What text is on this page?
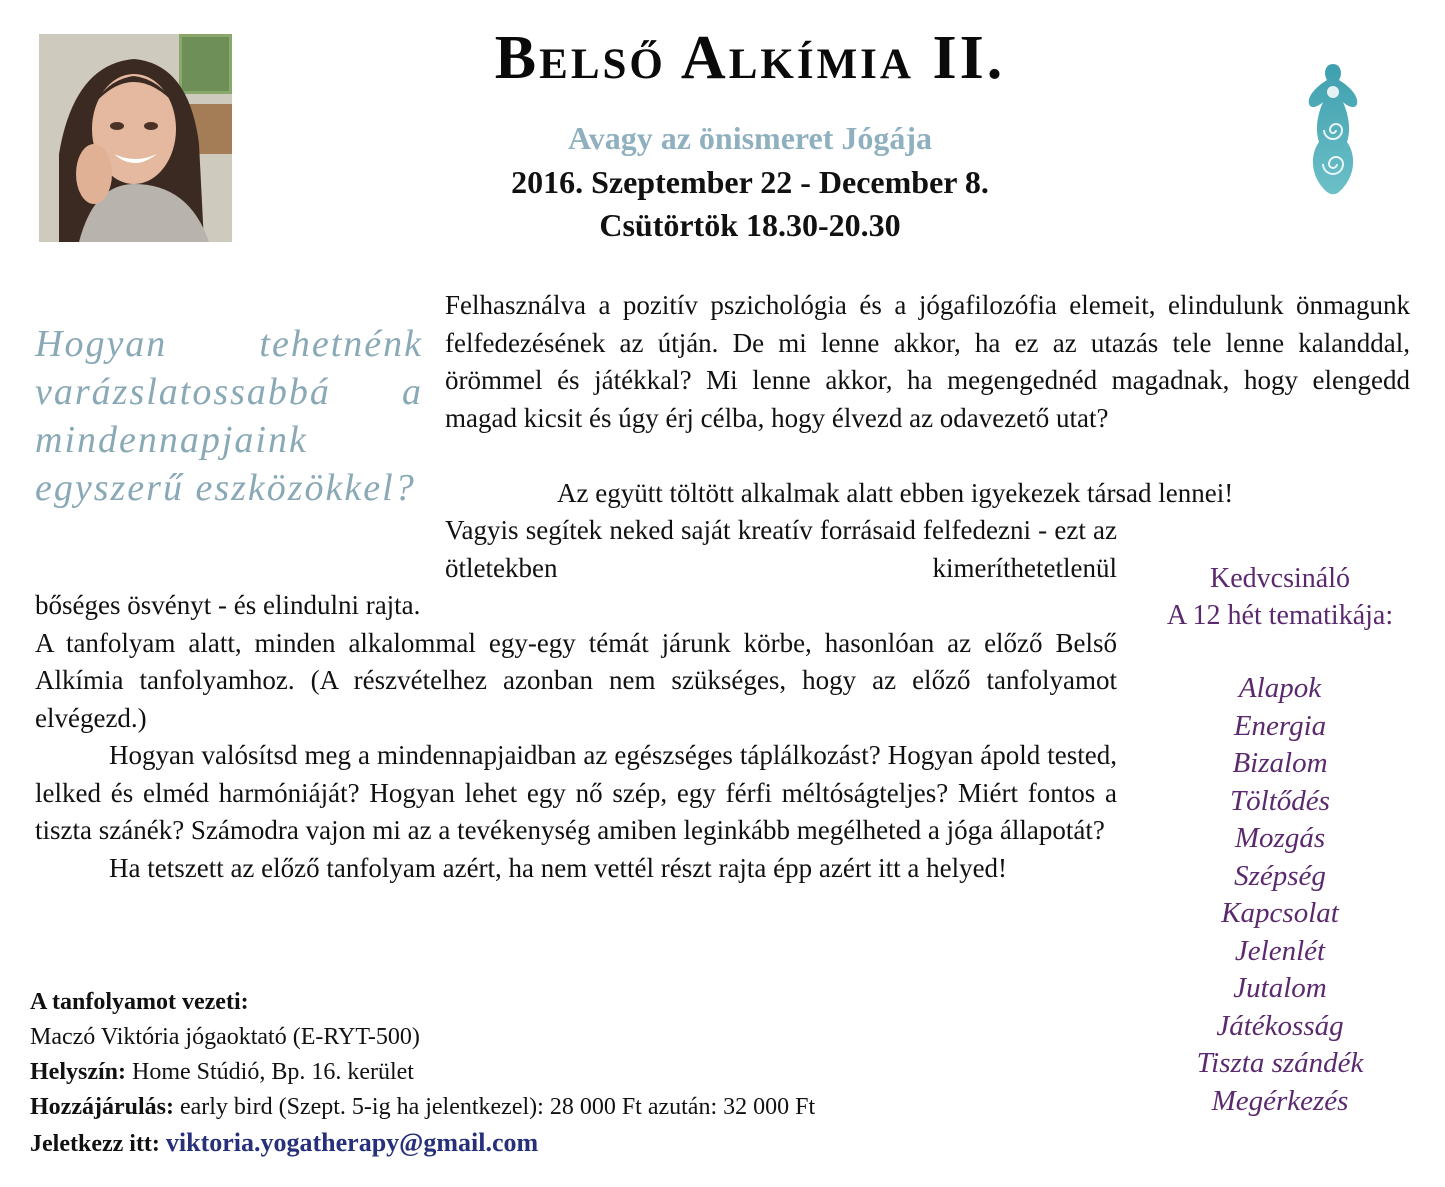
Belső Alkímia II.
Avagy az önismeret Jógája
2016. Szeptember 22 - December 8.
Csütörtök 18.30-20.30
Hogyan tehetnénk varázslatossabbá a mindennapjaink egyszerű eszközökkel?

Felhasználva a pozitív pszichológia és a jógafilozófia elemeit, elindulunk önmagunk felfedezésének az útján. De mi lenne akkor, ha ez az utazás tele lenne kalanddal, örömmel és játékkal? Mi lenne akkor, ha megengednéd magadnak, hogy elengedd magad kicsit és úgy érj célba, hogy élvezd az odavezető utat?

Az együtt töltött alkalmak alatt ebben igyekezek társad lennei!

Vagyis segítek neked saját kreatív forrásaid felfedezni - ezt az ötletekben kimeríthetetlenül

bőséges ösvényt - és elindulni rajta.

A tanfolyam alatt, minden alkalommal egy-egy témát járunk körbe, hasonlóan az előző Belső Alkímia tanfolyamhoz. (A részvételhez azonban nem szükséges, hogy az előző tanfolyamot elvégezd.)

Hogyan valósítsd meg a mindennapjaidban az egészséges táplálkozást? Hogyan ápold tested, lelked és elméd harmóniáját? Hogyan lehet egy nő szép, egy férfi méltóságteljes? Miért fontos a tiszta szánék? Számodra vajon mi az a tevékenység amiben leginkább megélheted a jóga állapotát?

Ha tetszett az előző tanfolyam azért, ha nem vettél részt rajta épp azért itt a helyed!

Kedvcsináló
A 12 hét tematikája:
Alapok
Energia
Bizalom
Töltődés
Mozgás
Szépség
Kapcsolat
Jelenlét
Jutalom
Játékosság
Tiszta szándék
Megérkezés
A tanfolyamot vezeti:
Maczó Viktória jógaoktató (E-RYT-500)
Helyszín: Home Stúdió, Bp. 16. kerület
Hozzájárulás: early bird (Szept. 5-ig ha jelentkezel): 28 000 Ft azután: 32 000 Ft
Jeletkezz itt: viktoria.yogatherapy@gmail.com
